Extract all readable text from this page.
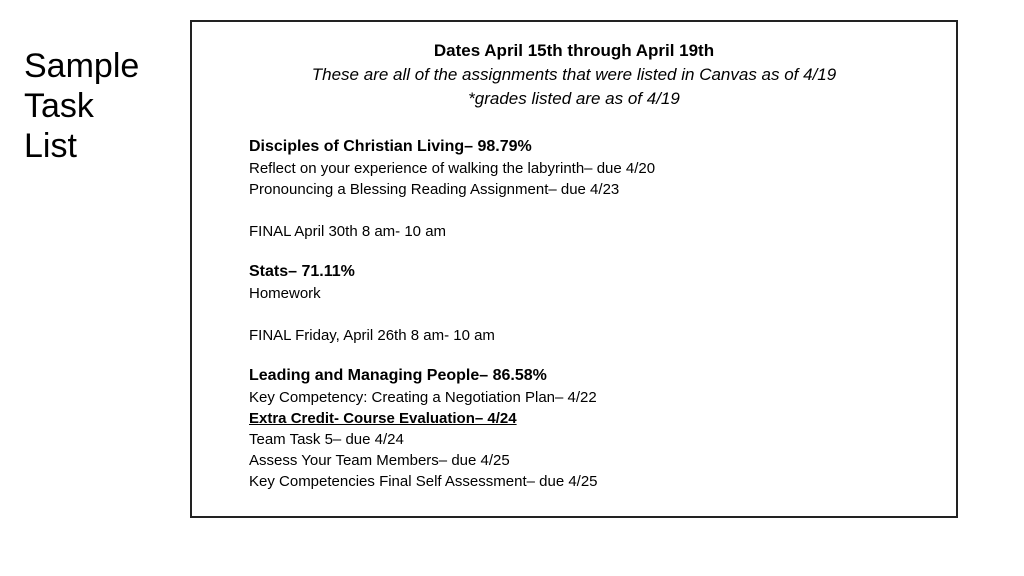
Sample
Task
List
Dates April 15th through April 19th
These are all of the assignments that were listed in Canvas as of 4/19
*grades listed are as of 4/19
Disciples of Christian Living– 98.79%
Reflect on your experience of walking the labyrinth– due 4/20
Pronouncing a Blessing Reading Assignment– due 4/23
FINAL April 30th 8 am- 10 am
Stats– 71.11%
Homework
FINAL Friday, April 26th 8 am- 10 am
Leading and Managing People– 86.58%
Key Competency: Creating a Negotiation Plan– 4/22
Extra Credit- Course Evaluation– 4/24
Team Task 5– due 4/24
Assess Your Team Members– due 4/25
Key Competencies Final Self Assessment– due 4/25
